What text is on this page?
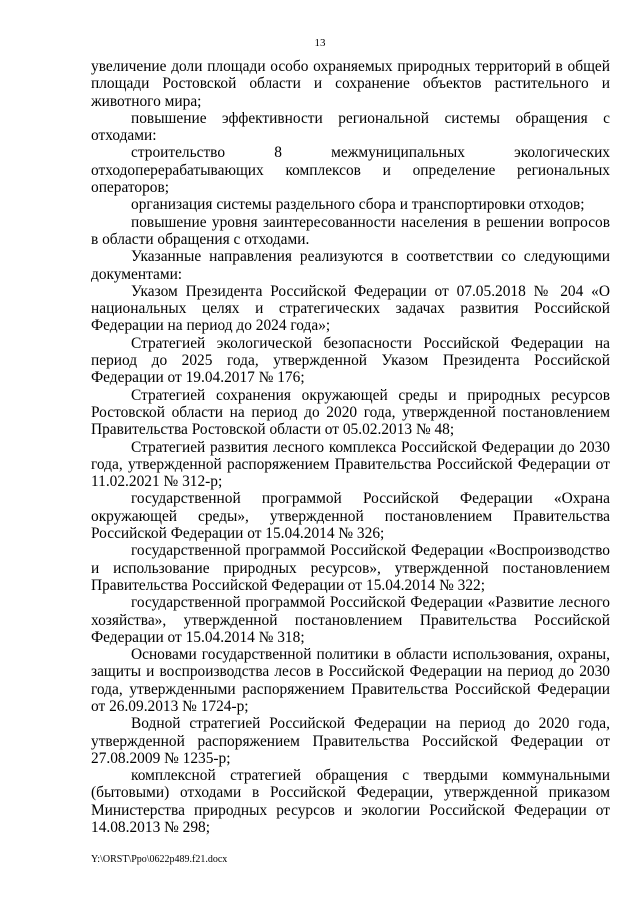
13

увеличение доли площади особо охраняемых природных территорий в общей площади Ростовской области и сохранение объектов растительного и животного мира;

повышение эффективности региональной системы обращения с отходами:

строительство 8 межмуниципальных экологических отходоперерабатывающих комплексов и определение региональных операторов;

организация системы раздельного сбора и транспортировки отходов;

повышение уровня заинтересованности населения в решении вопросов в области обращения с отходами.

Указанные направления реализуются в соответствии со следующими документами:

Указом Президента Российской Федерации от 07.05.2018 № 204 «О национальных целях и стратегических задачах развития Российской Федерации на период до 2024 года»;

Стратегией экологической безопасности Российской Федерации на период до 2025 года, утвержденной Указом Президента Российской Федерации от 19.04.2017 № 176;

Стратегией сохранения окружающей среды и природных ресурсов Ростовской области на период до 2020 года, утвержденной постановлением Правительства Ростовской области от 05.02.2013 № 48;

Стратегией развития лесного комплекса Российской Федерации до 2030 года, утвержденной распоряжением Правительства Российской Федерации от 11.02.2021 № 312-р;

государственной программой Российской Федерации «Охрана окружающей среды», утвержденной постановлением Правительства Российской Федерации от 15.04.2014 № 326;

государственной программой Российской Федерации «Воспроизводство и использование природных ресурсов», утвержденной постановлением Правительства Российской Федерации от 15.04.2014 № 322;

государственной программой Российской Федерации «Развитие лесного хозяйства», утвержденной постановлением Правительства Российской Федерации от 15.04.2014 № 318;

Основами государственной политики в области использования, охраны, защиты и воспроизводства лесов в Российской Федерации на период до 2030 года, утвержденными распоряжением Правительства Российской Федерации от 26.09.2013 № 1724-р;

Водной стратегией Российской Федерации на период до 2020 года, утвержденной распоряжением Правительства Российской Федерации от 27.08.2009 № 1235-р;

комплексной стратегией обращения с твердыми коммунальными (бытовыми) отходами в Российской Федерации, утвержденной приказом Министерства природных ресурсов и экологии Российской Федерации от 14.08.2013 № 298;

Y:\ORST\Ppo\0622p489.f21.docx
